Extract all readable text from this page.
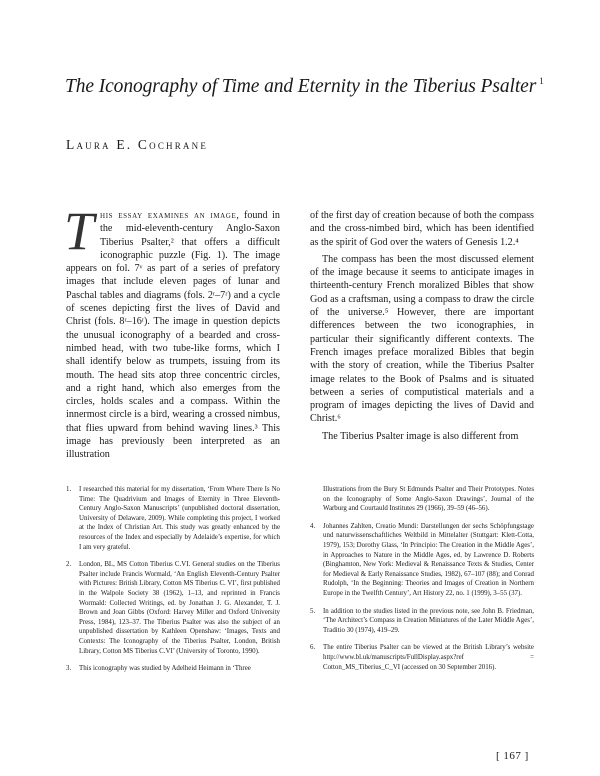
The Iconography of Time and Eternity in the Tiberius Psalter $^1$
Laura E. Cochrane

This essay examines an image, found in the mid-eleventh-century Anglo-Saxon Tiberius Psalter,² that offers a difficult iconographic puzzle (Fig. 1). The image appears on fol. 7ᵛ as part of a series of prefatory images that include eleven pages of lunar and Paschal tables and diagrams (fols. 2ʳ–7ʳ) and a cycle of scenes depicting first the lives of David and Christ (fols. 8ʳ–16ʳ). The image in question depicts the unusual iconography of a bearded and cross-nimbed head, with two tube-like forms, which I shall identify below as trumpets, issuing from its mouth. The head sits atop three concentric circles, and a right hand, which also emerges from the circles, holds scales and a compass. Within the innermost circle is a bird, wearing a crossed nimbus, that flies upward from behind waving lines.³ This image has previously been interpreted as an illustration

of the first day of creation because of both the compass and the cross-nimbed bird, which has been identified as the spirit of God over the waters of Genesis 1.2.⁴

The compass has been the most discussed element of the image because it seems to anticipate images in thirteenth-century French moralized Bibles that show God as a craftsman, using a compass to draw the circle of the universe.⁵ However, there are important differences between the two iconographies, in particular their significantly different contexts. The French images preface moralized Bibles that begin with the story of creation, while the Tiberius Psalter image relates to the Book of Psalms and is situated between a series of computistical materials and a program of images depicting the lives of David and Christ.⁶

The Tiberius Psalter image is also different from

1. I researched this material for my dissertation, ‘From Where There Is No Time: The Quadrivium and Images of Eternity in Three Eleventh-Century Anglo-Saxon Manuscripts’ (unpublished doctoral dissertation, University of Delaware, 2009). While completing this project, I worked at the Index of Christian Art. This study was greatly enhanced by the resources of the Index and especially by Adelaide’s expertise, for which I am very grateful.
2. London, BL, MS Cotton Tiberius C.VI. General studies on the Tiberius Psalter include Francis Wormald, ‘An English Eleventh-Century Psalter with Pictures: British Library, Cotton MS Tiberius C. VI’, first published in the Walpole Society 38 (1962), 1–13, and reprinted in Francis Wormald: Collected Writings, ed. by Jonathan J. G. Alexander, T. J. Brown and Joan Gibbs (Oxford: Harvey Miller and Oxford University Press, 1984), 123–37. The Tiberius Psalter was also the subject of an unpublished dissertation by Kathleen Openshaw: ‘Images, Texts and Contexts: The Iconography of the Tiberius Psalter, London, British Library, Cotton MS Tiberius C.VI’ (University of Toronto, 1990).
3. This iconography was studied by Adelheid Heimann in ‘Three
Illustrations from the Bury St Edmunds Psalter and Their Prototypes. Notes on the Iconography of Some Anglo-Saxon Drawings’, Journal of the Warburg and Courtauld Institutes 29 (1966), 39–59 (46–56).
4. Johannes Zahlten, Creatio Mundi: Darstellungen der sechs Schöpfungstage und naturwissenschaftliches Weltbild in Mittelalter (Stuttgart: Klett-Cotta, 1979), 153; Dorothy Glass, ‘In Principio: The Creation in the Middle Ages’, in Approaches to Nature in the Middle Ages, ed. by Lawrence D. Roberts (Binghamton, New York: Medieval & Renaissance Texts & Studies, Center for Medieval & Early Renaissance Studies, 1982), 67–107 (88); and Conrad Rudolph, ‘In the Beginning: Theories and Images of Creation in Northern Europe in the Twelfth Century’, Art History 22, no. 1 (1999), 3–55 (37).
5. In addition to the studies listed in the previous note, see John B. Friedman, ‘The Architect’s Compass in Creation Miniatures of the Later Middle Ages’, Traditio 30 (1974), 419–29.
6. The entire Tiberius Psalter can be viewed at the British Library’s website http://www.bl.uk/manuscripts/FullDisplay.aspx?ref = Cotton_MS_Tiberius_C_VI (accessed on 30 September 2016).
[ 167 ]
